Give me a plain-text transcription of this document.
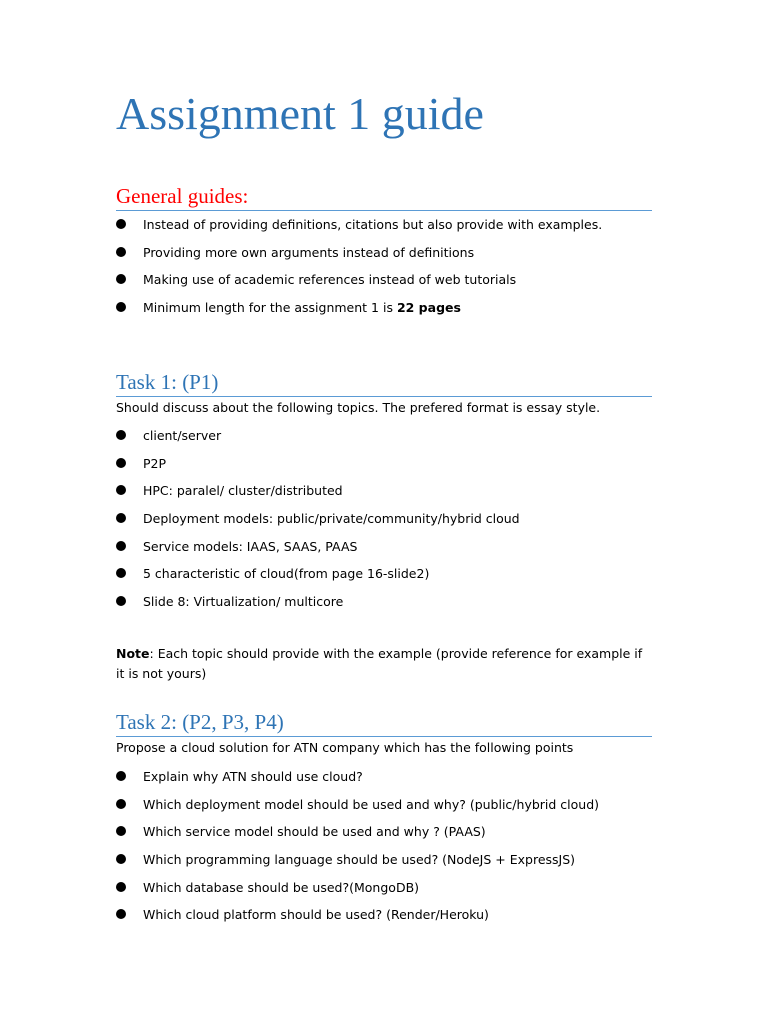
Assignment 1 guide
General guides:
Instead of providing definitions, citations but also provide with examples.
Providing more own arguments instead of definitions
Making use of academic references instead of web tutorials
Minimum length for the assignment 1 is 22 pages
Task 1: (P1)
Should discuss about the following topics. The prefered format is essay style.
client/server
P2P
HPC: paralel/ cluster/distributed
Deployment models: public/private/community/hybrid cloud
Service models: IAAS, SAAS, PAAS
5 characteristic of cloud(from page 16-slide2)
Slide 8: Virtualization/ multicore
Note: Each topic should provide with the example (provide reference for example if it is not yours)
Task 2: (P2, P3, P4)
Propose a cloud solution for ATN company which has the following points
Explain why ATN should use cloud?
Which deployment model should be used and why? (public/hybrid cloud)
Which service model should be used and why ? (PAAS)
Which programming language should be used? (NodeJS + ExpressJS)
Which database should be used?(MongoDB)
Which cloud platform should be used? (Render/Heroku)
